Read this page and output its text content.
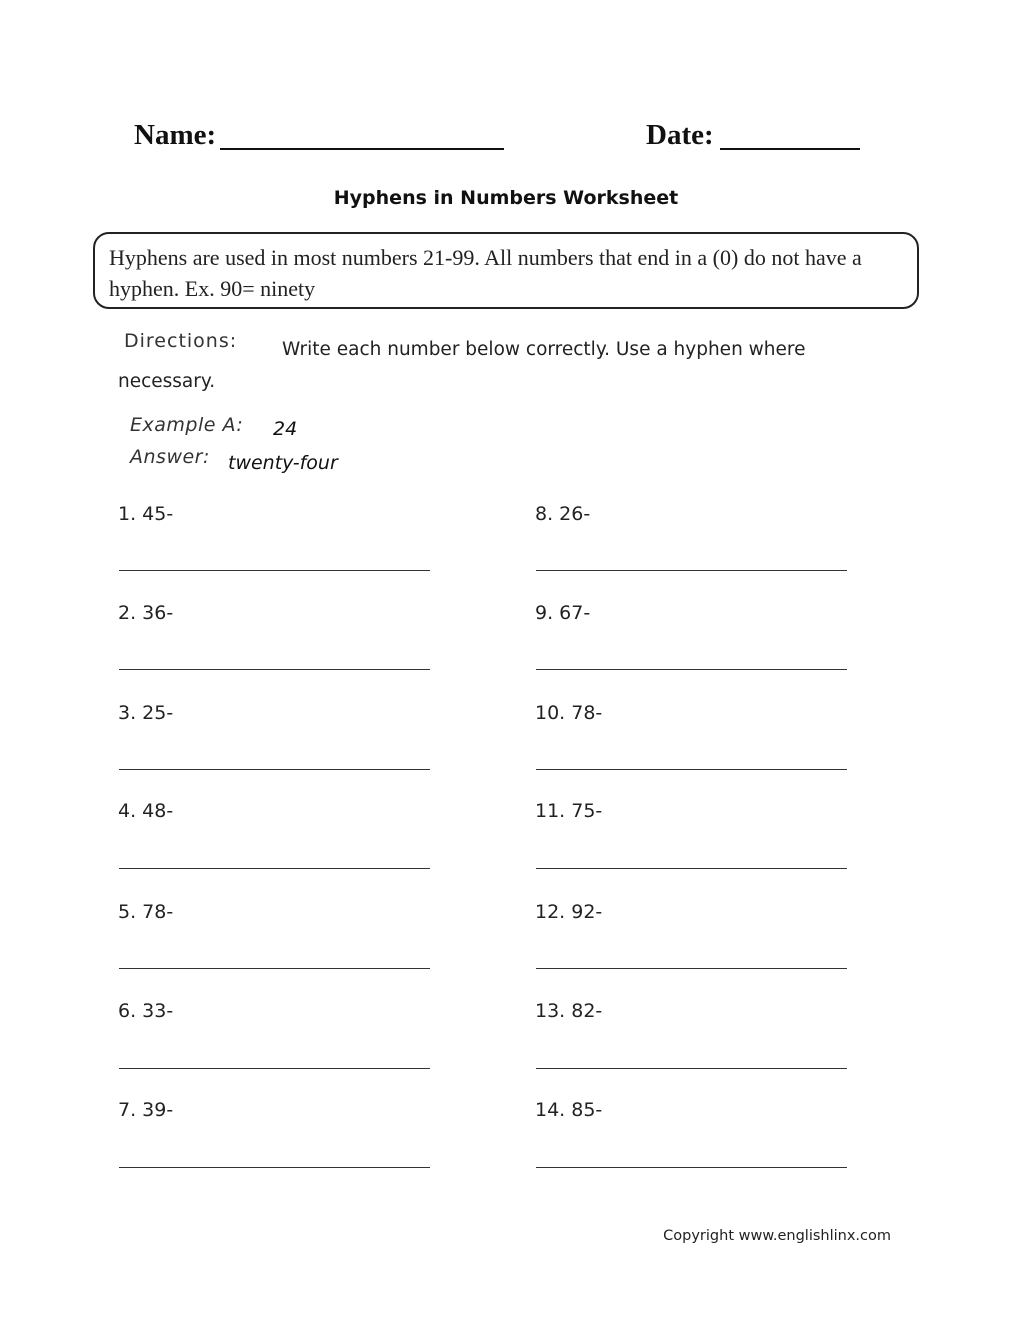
Name:	Date:
Hyphens in Numbers Worksheet
Hyphens are used in most numbers 21-99. All numbers that end in a (0) do not have a hyphen. Ex. 90= ninety
Directions:	Write each number below correctly. Use a hyphen where necessary.
Example A: 24
Answer: twenty-four
1. 45-
2. 36-
3. 25-
4. 48-
5. 78-
6. 33-
7. 39-
8. 26-
9. 67-
10. 78-
11. 75-
12. 92-
13. 82-
14. 85-
Copyright www.englishlinx.com
